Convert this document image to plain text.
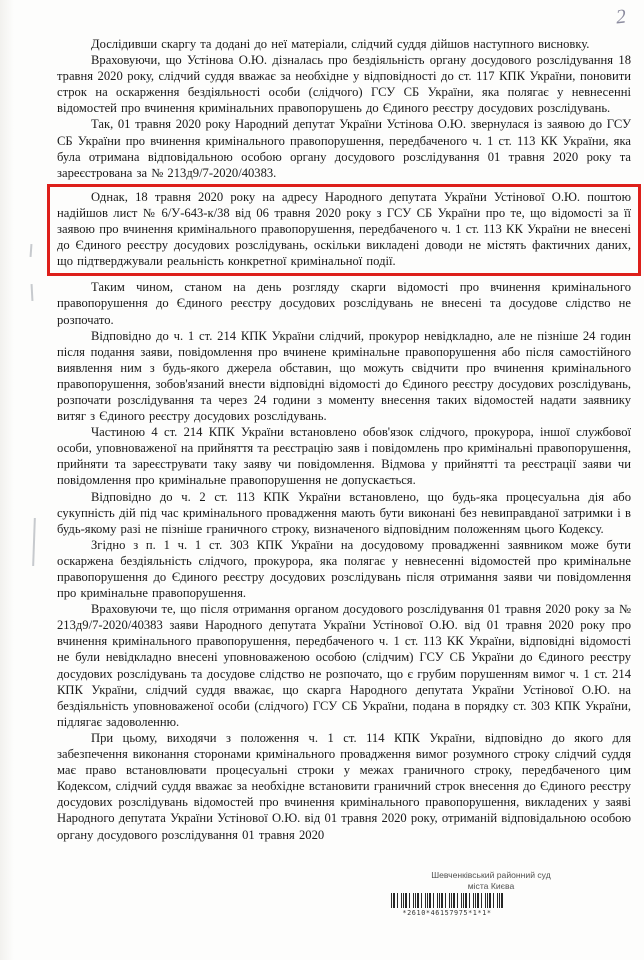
2

Дослідивши скаргу та додані до неї матеріали, слідчий суддя дійшов наступного висновку.

Враховуючи, що Устінова О.Ю. дізналась про бездіяльність органу досудового розслідування 18 травня 2020 року, слідчий суддя вважає за необхідне у відповідності до ст. 117 КПК України, поновити строк на оскарження бездіяльності особи (слідчого) ГСУ СБ України, яка полягає у невнесенні відомостей про вчинення кримінальних правопорушень до Єдиного реєстру досудових розслідувань.

Так, 01 травня 2020 року Народний депутат України Устінова О.Ю. звернулася із заявою до ГСУ СБ України про вчинення кримінального правопорушення, передбаченого ч. 1 ст. 113 КК України, яка була отримана відповідальною особою органу досудового розслідування 01 травня 2020 року та зареєстрована за № 213д9/7-2020/40383.

Однак, 18 травня 2020 року на адресу Народного депутата України Устінової О.Ю. поштою надійшов лист № 6/У-643-к/38 від 06 травня 2020 року з ГСУ СБ України про те, що відомості за її заявою про вчинення кримінального правопорушення, передбаченого ч. 1 ст. 113 КК України не внесені до Єдиного реєстру досудових розслідувань, оскільки викладені доводи не містять фактичних даних, що підтверджували реальність конкретної кримінальної події.

Таким чином, станом на день розгляду скарги відомості про вчинення кримінального правопорушення до Єдиного реєстру досудових розслідувань не внесені та досудове слідство не розпочато.

Відповідно до ч. 1 ст. 214 КПК України слідчий, прокурор невідкладно, але не пізніше 24 годин після подання заяви, повідомлення про вчинене кримінальне правопорушення або після самостійного виявлення ним з будь-якого джерела обставин, що можуть свідчити про вчинення кримінального правопорушення, зобов'язаний внести відповідні відомості до Єдиного реєстру досудових розслідувань, розпочати розслідування та через 24 години з моменту внесення таких відомостей надати заявнику витяг з Єдиного реєстру досудових розслідувань.

Частиною 4 ст. 214 КПК України встановлено обов'язок слідчого, прокурора, іншої службової особи, уповноваженої на прийняття та реєстрацію заяв і повідомлень про кримінальні правопорушення, прийняти та зареєструвати таку заяву чи повідомлення. Відмова у прийнятті та реєстрації заяви чи повідомлення про кримінальне правопорушення не допускається.

Відповідно до ч. 2 ст. 113 КПК України встановлено, що будь-яка процесуальна дія або сукупність дій під час кримінального провадження мають бути виконані без невиправданої затримки і в будь-якому разі не пізніше граничного строку, визначеного відповідним положенням цього Кодексу.

Згідно з п. 1 ч. 1 ст. 303 КПК України на досудовому провадженні заявником може бути оскаржена бездіяльність слідчого, прокурора, яка полягає у невнесенні відомостей про кримінальне правопорушення до Єдиного реєстру досудових розслідувань після отримання заяви чи повідомлення про кримінальне правопорушення.

Враховуючи те, що після отримання органом досудового розслідування 01 травня 2020 року за № 213д9/7-2020/40383 заяви Народного депутата України Устінової О.Ю. від 01 травня 2020 року про вчинення кримінального правопорушення, передбаченого ч. 1 ст. 113 КК України, відповідні відомості не були невідкладно внесені уповноваженою особою (слідчим) ГСУ СБ України до Єдиного реєстру досудових розслідувань та досудове слідство не розпочато, що є грубим порушенням вимог ч. 1 ст. 214 КПК України, слідчий суддя вважає, що скарга Народного депутата України Устінової О.Ю. на бездіяльність уповноваженої особи (слідчого) ГСУ СБ України, подана в порядку ст. 303 КПК України, підлягає задоволенню.

При цьому, виходячи з положення ч. 1 ст. 114 КПК України, відповідно до якого для забезпечення виконання сторонами кримінального провадження вимог розумного строку слідчий суддя має право встановлювати процесуальні строки у межах граничного строку, передбаченого цим Кодексом, слідчий суддя вважає за необхідне встановити граничний строк внесення до Єдиного реєстру досудових розслідувань відомостей про вчинення кримінального правопорушення, викладених у заяві Народного депутата України Устінової О.Ю. від 01 травня 2020 року, отриманій відповідальною особою органу досудового розслідування 01 травня 2020

Шевченківський районний суд
міста Києва
*2610*46157975*1*1*
